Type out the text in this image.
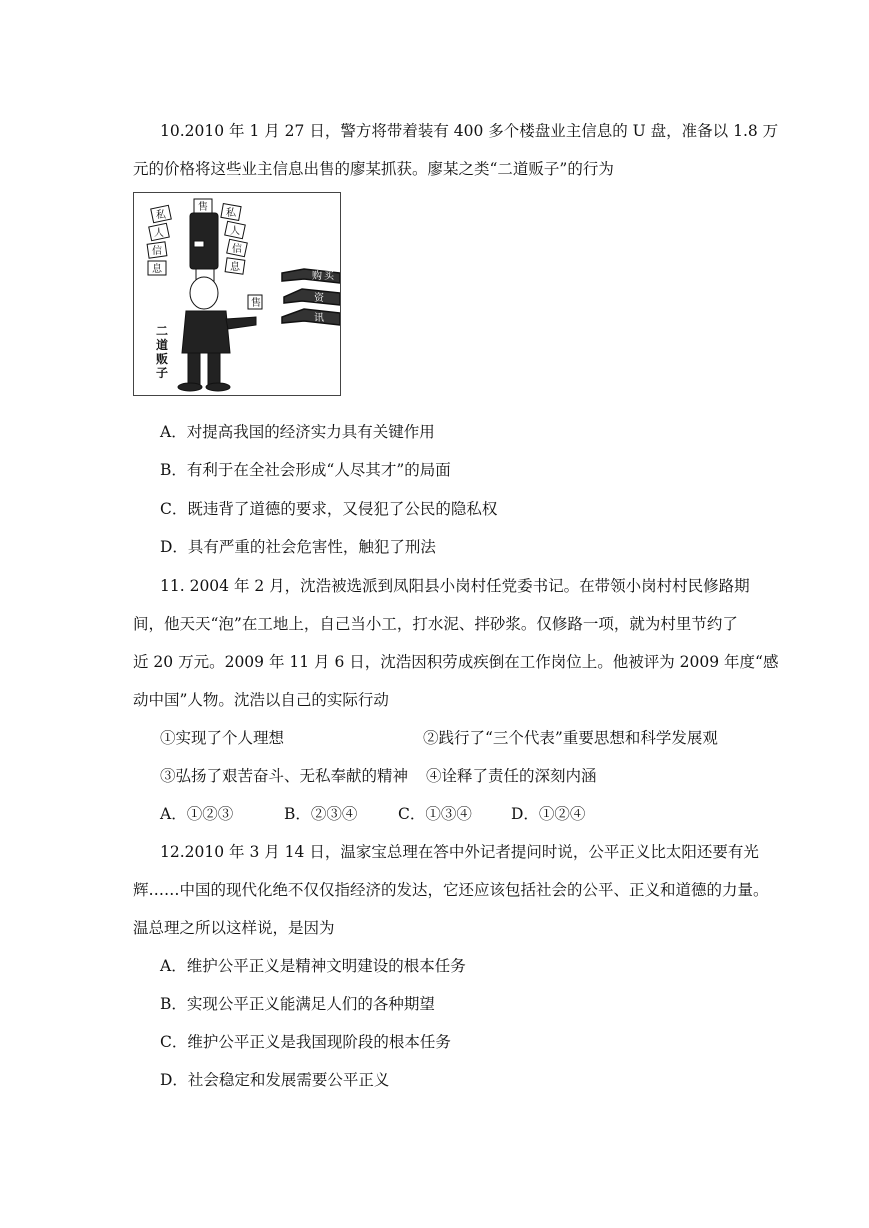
10.2010 年 1 月 27 日，警方将带着装有 400 多个楼盘业主信息的 U 盘，准备以 1.8 万
元的价格将这些业主信息出售的廖某抓获。廖某之类“二道贩子”的行为
私
人
信
息
售
私
人
信
息
售
购 买
资
讯
二
道
贩
子
A．对提高我国的经济实力具有关键作用
B．有利于在全社会形成“人尽其才”的局面
C．既违背了道德的要求，又侵犯了公民的隐私权
D．具有严重的社会危害性，触犯了刑法
11. 2004 年 2 月，沈浩被选派到凤阳县小岗村任党委书记。在带领小岗村村民修路期
间，他天天“泡”在工地上，自己当小工，打水泥、拌砂浆。仅修路一项，就为村里节约了
近 20 万元。2009 年 11 月 6 日，沈浩因积劳成疾倒在工作岗位上。他被评为 2009 年度“感
动中国”人物。沈浩以自己的实际行动
①实现了个人理想	②践行了“三个代表”重要思想和科学发展观
③弘扬了艰苦奋斗、无私奉献的精神 ④诠释了责任的深刻内涵
A．①②③	B．②③④	C．①③④	D．①②④
12.2010 年 3 月 14 日，温家宝总理在答中外记者提问时说，公平正义比太阳还要有光
辉……中国的现代化绝不仅仅指经济的发达，它还应该包括社会的公平、正义和道德的力量。
温总理之所以这样说，是因为
A．维护公平正义是精神文明建设的根本任务
B．实现公平正义能满足人们的各种期望
C．维护公平正义是我国现阶段的根本任务
D．社会稳定和发展需要公平正义
